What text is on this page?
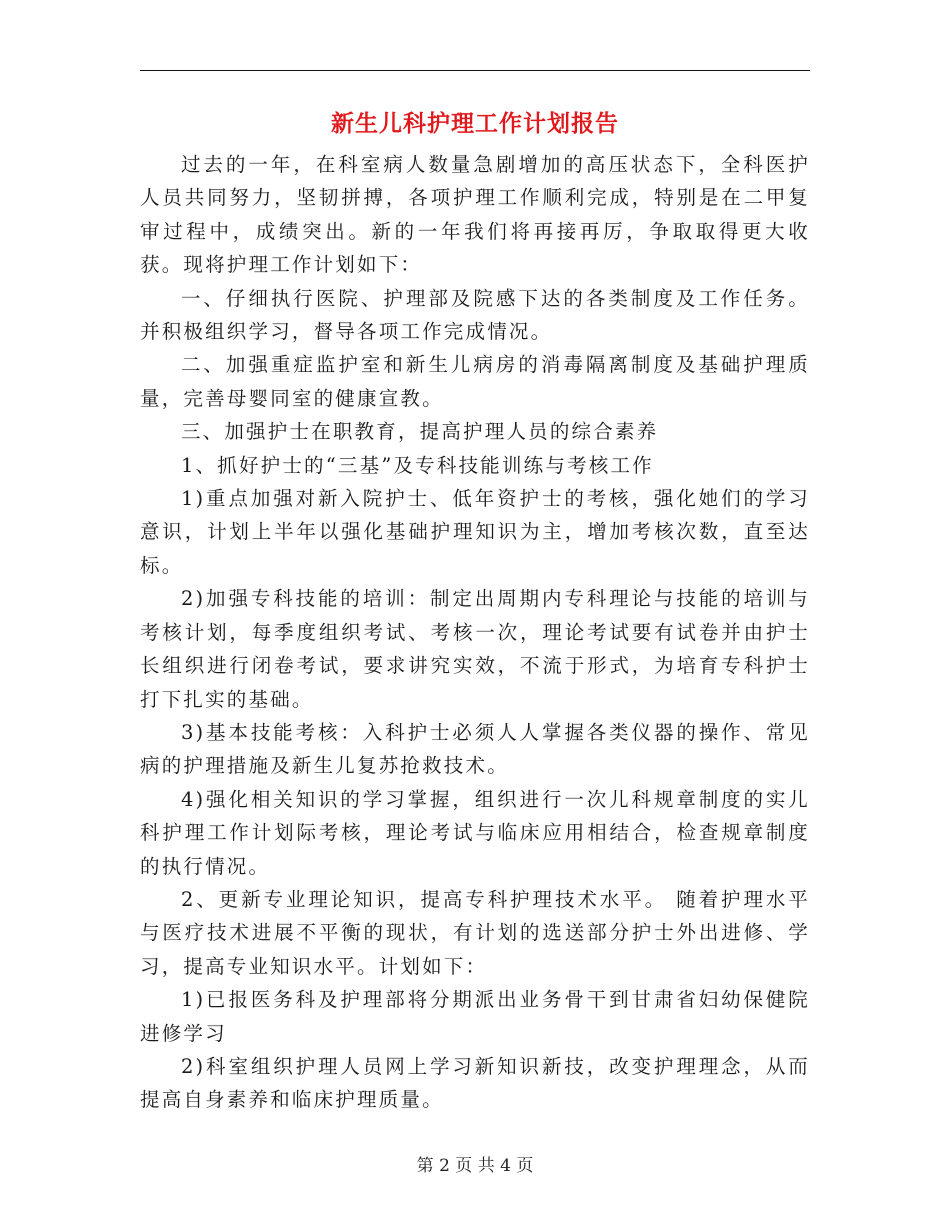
新生儿科护理工作计划报告

过去的一年，在科室病人数量急剧增加的高压状态下，全科医护人员共同努力，坚韧拼搏，各项护理工作顺利完成，特别是在二甲复审过程中，成绩突出。新的一年我们将再接再厉，争取取得更大收获。现将护理工作计划如下：

一、仔细执行医院、护理部及院感下达的各类制度及工作任务。并积极组织学习，督导各项工作完成情况。

二、加强重症监护室和新生儿病房的消毒隔离制度及基础护理质量，完善母婴同室的健康宣教。

三、加强护士在职教育，提高护理人员的综合素养

1、抓好护士的“三基”及专科技能训练与考核工作

1)重点加强对新入院护士、低年资护士的考核，强化她们的学习意识，计划上半年以强化基础护理知识为主，增加考核次数，直至达标。

2)加强专科技能的培训：制定出周期内专科理论与技能的培训与考核计划，每季度组织考试、考核一次，理论考试要有试卷并由护士长组织进行闭卷考试，要求讲究实效，不流于形式，为培育专科护士打下扎实的基础。

3)基本技能考核：入科护士必须人人掌握各类仪器的操作、常见病的护理措施及新生儿复苏抢救技术。

4)强化相关知识的学习掌握，组织进行一次儿科规章制度的实儿科护理工作计划际考核，理论考试与临床应用相结合，检查规章制度的执行情况。

2、更新专业理论知识，提高专科护理技术水平。 随着护理水平与医疗技术进展不平衡的现状，有计划的选送部分护士外出进修、学习，提高专业知识水平。计划如下：

1)已报医务科及护理部将分期派出业务骨干到甘肃省妇幼保健院进修学习

2)科室组织护理人员网上学习新知识新技，改变护理理念，从而提高自身素养和临床护理质量。

第 2 页 共 4 页
